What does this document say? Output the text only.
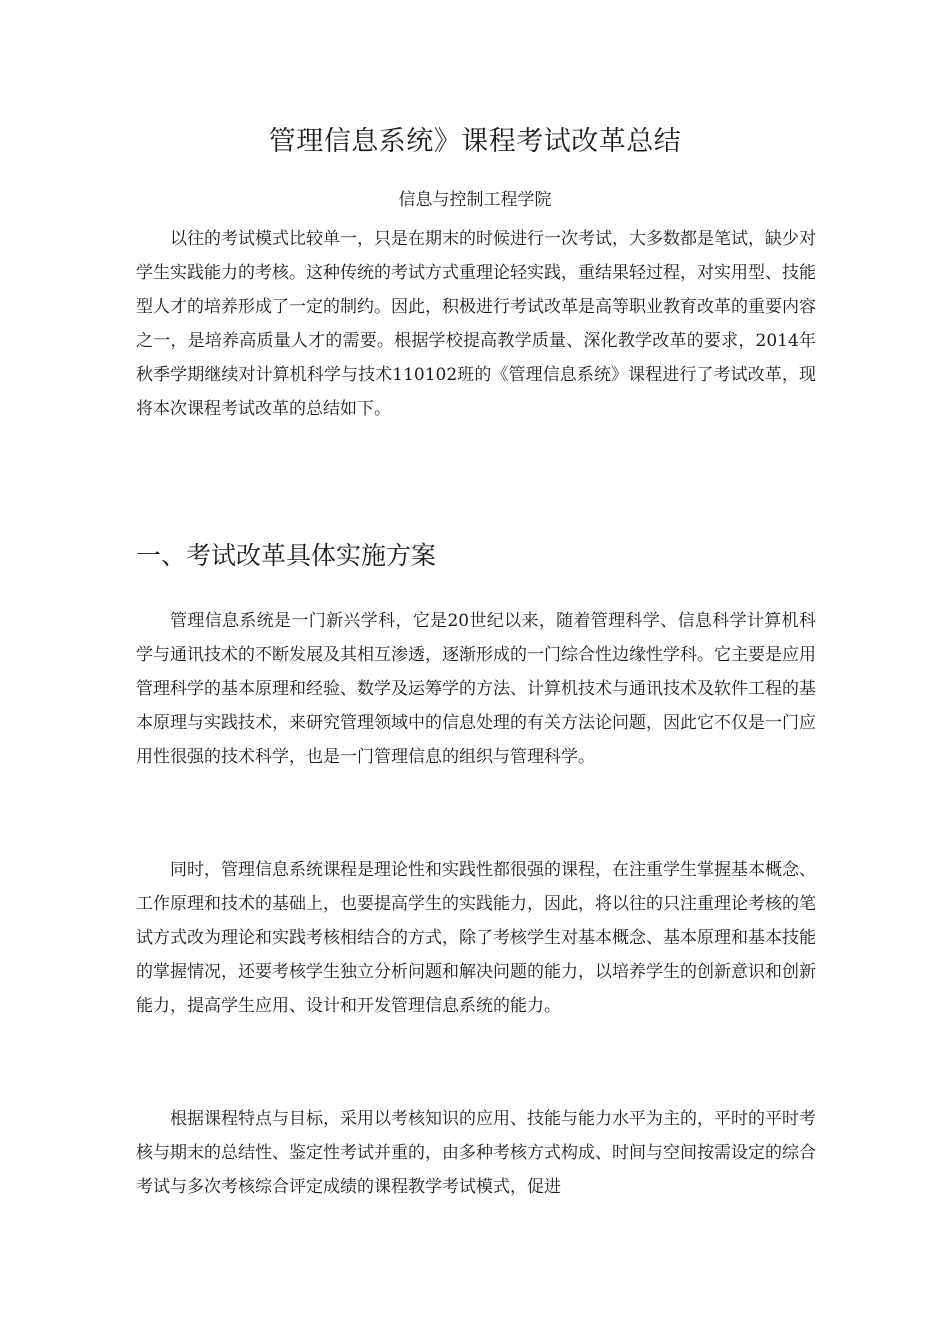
管理信息系统》课程考试改革总结
信息与控制工程学院

以往的考试模式比较单一，只是在期末的时候进行一次考试，大多数都是笔试，缺少对学生实践能力的考核。这种传统的考试方式重理论轻实践，重结果轻过程，对实用型、技能型人才的培养形成了一定的制约。因此，积极进行考试改革是高等职业教育改革的重要内容之一，是培养高质量人才的需要。根据学校提高教学质量、深化教学改革的要求，2014年秋季学期继续对计算机科学与技术110102班的《管理信息系统》课程进行了考试改革，现将本次课程考试改革的总结如下。

一、考试改革具体实施方案

管理信息系统是一门新兴学科，它是20世纪以来，随着管理科学、信息科学计算机科学与通讯技术的不断发展及其相互渗透，逐渐形成的一门综合性边缘性学科。它主要是应用管理科学的基本原理和经验、数学及运筹学的方法、计算机技术与通讯技术及软件工程的基本原理与实践技术，来研究管理领域中的信息处理的有关方法论问题，因此它不仅是一门应用性很强的技术科学，也是一门管理信息的组织与管理科学。

同时，管理信息系统课程是理论性和实践性都很强的课程，在注重学生掌握基本概念、工作原理和技术的基础上，也要提高学生的实践能力，因此，将以往的只注重理论考核的笔试方式改为理论和实践考核相结合的方式，除了考核学生对基本概念、基本原理和基本技能的掌握情况，还要考核学生独立分析问题和解决问题的能力，以培养学生的创新意识和创新能力，提高学生应用、设计和开发管理信息系统的能力。

根据课程特点与目标，采用以考核知识的应用、技能与能力水平为主的，平时的平时考核与期末的总结性、鉴定性考试并重的，由多种考核方式构成、时间与空间按需设定的综合考试与多次考核综合评定成绩的课程教学考试模式，促进
